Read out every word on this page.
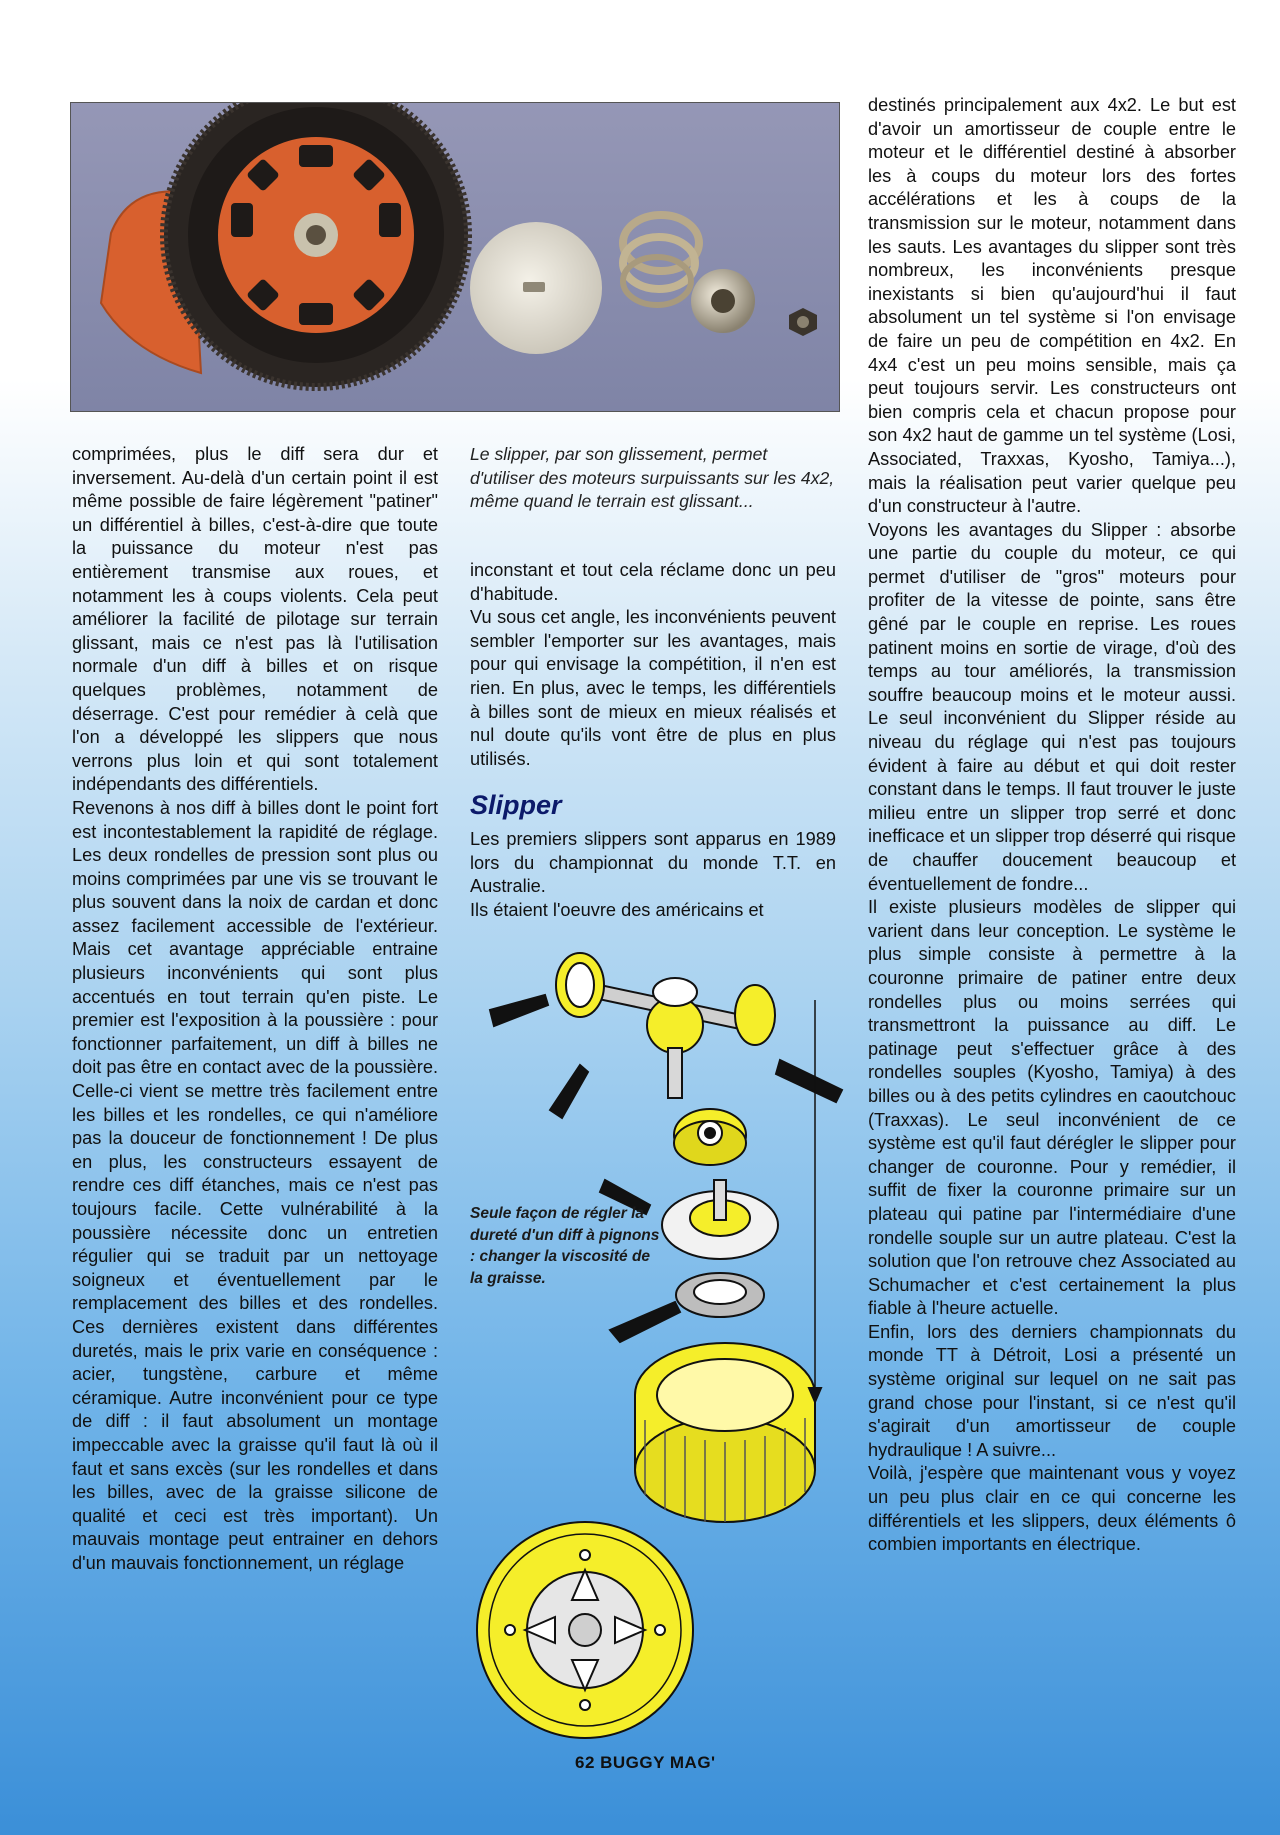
Le slipper, par son glissement, permet d'utiliser des moteurs surpuissants sur les 4x2, même quand le terrain est glissant...

comprimées, plus le diff sera dur et inversement. Au-delà d'un certain point il est même possible de faire légèrement "patiner" un différentiel à billes, c'est-à-dire que toute la puissance du moteur n'est pas entièrement transmise aux roues, et notamment les à coups violents. Cela peut améliorer la facilité de pilotage sur terrain glissant, mais ce n'est pas là l'utilisation normale d'un diff à billes et on risque quelques problèmes, notamment de déserrage. C'est pour remédier à celà que l'on a développé les slippers que nous verrons plus loin et qui sont totalement indépendants des différentiels.

Revenons à nos diff à billes dont le point fort est incontestablement la rapidité de réglage. Les deux rondelles de pression sont plus ou moins comprimées par une vis se trouvant le plus souvent dans la noix de cardan et donc assez facilement accessible de l'extérieur. Mais cet avantage appréciable entraine plusieurs inconvénients qui sont plus accentués en tout terrain qu'en piste. Le premier est l'exposition à la poussière : pour fonctionner parfaitement, un diff à billes ne doit pas être en contact avec de la poussière. Celle-ci vient se mettre très facilement entre les billes et les rondelles, ce qui n'améliore pas la douceur de fonctionnement ! De plus en plus, les constructeurs essayent de rendre ces diff étanches, mais ce n'est pas toujours facile. Cette vulnérabilité à la poussière nécessite donc un entretien régulier qui se traduit par un nettoyage soigneux et éventuellement par le remplacement des billes et des rondelles. Ces dernières existent dans différentes duretés, mais le prix varie en conséquence : acier, tungstène, carbure et même céramique. Autre inconvénient pour ce type de diff : il faut absolument un montage impeccable avec la graisse qu'il faut là où il faut et sans excès (sur les rondelles et dans les billes, avec de la graisse silicone de qualité et ceci est très important). Un mauvais montage peut entrainer en dehors d'un mauvais fonctionnement, un réglage

inconstant et tout cela réclame donc un peu d'habitude.

Vu sous cet angle, les inconvénients peuvent sembler l'emporter sur les avantages, mais pour qui envisage la compétition, il n'en est rien. En plus, avec le temps, les différentiels à billes sont de mieux en mieux réalisés et nul doute qu'ils vont être de plus en plus utilisés.

Slipper

Les premiers slippers sont apparus en 1989 lors du championnat du monde T.T. en Australie.

Ils étaient l'oeuvre des américains et

destinés principalement aux 4x2. Le but est d'avoir un amortisseur de couple entre le moteur et le différentiel destiné à absorber les à coups du moteur lors des fortes accélérations et les à coups de la transmission sur le moteur, notamment dans les sauts. Les avantages du slipper sont très nombreux, les inconvénients presque inexistants si bien qu'aujourd'hui il faut absolument un tel système si l'on envisage de faire un peu de compétition en 4x2. En 4x4 c'est un peu moins sensible, mais ça peut toujours servir. Les constructeurs ont bien compris cela et chacun propose pour son 4x2 haut de gamme un tel système (Losi, Associated, Traxxas, Kyosho, Tamiya...), mais la réalisation peut varier quelque peu d'un constructeur à l'autre.

Voyons les avantages du Slipper : absorbe une partie du couple du moteur, ce qui permet d'utiliser de "gros" moteurs pour profiter de la vitesse de pointe, sans être gêné par le couple en reprise. Les roues patinent moins en sortie de virage, d'où des temps au tour améliorés, la transmission souffre beaucoup moins et le moteur aussi. Le seul inconvénient du Slipper réside au niveau du réglage qui n'est pas toujours évident à faire au début et qui doit rester constant dans le temps. Il faut trouver le juste milieu entre un slipper trop serré et donc inefficace et un slipper trop déserré qui risque de chauffer doucement beaucoup et éventuellement de fondre...

Il existe plusieurs modèles de slipper qui varient dans leur conception. Le système le plus simple consiste à permettre à la couronne primaire de patiner entre deux rondelles plus ou moins serrées qui transmettront la puissance au diff. Le patinage peut s'effectuer grâce à des rondelles souples (Kyosho, Tamiya) à des billes ou à des petits cylindres en caoutchouc (Traxxas). Le seul inconvénient de ce système est qu'il faut dérégler le slipper pour changer de couronne. Pour y remédier, il suffit de fixer la couronne primaire sur un plateau qui patine par l'intermédiaire d'une rondelle souple sur un autre plateau. C'est la solution que l'on retrouve chez Associated au Schumacher et c'est certainement la plus fiable à l'heure actuelle.

Enfin, lors des derniers championnats du monde TT à Détroit, Losi a présenté un système original sur lequel on ne sait pas grand chose pour l'instant, si ce n'est qu'il s'agirait d'un amortisseur de couple hydraulique ! A suivre...

Voilà, j'espère que maintenant vous y voyez un peu plus clair en ce qui concerne les différentiels et les slippers, deux éléments ô combien importants en électrique.

Seule façon de régler la dureté d'un diff à pignons : changer la viscosité de la graisse.
62 BUGGY MAG'
